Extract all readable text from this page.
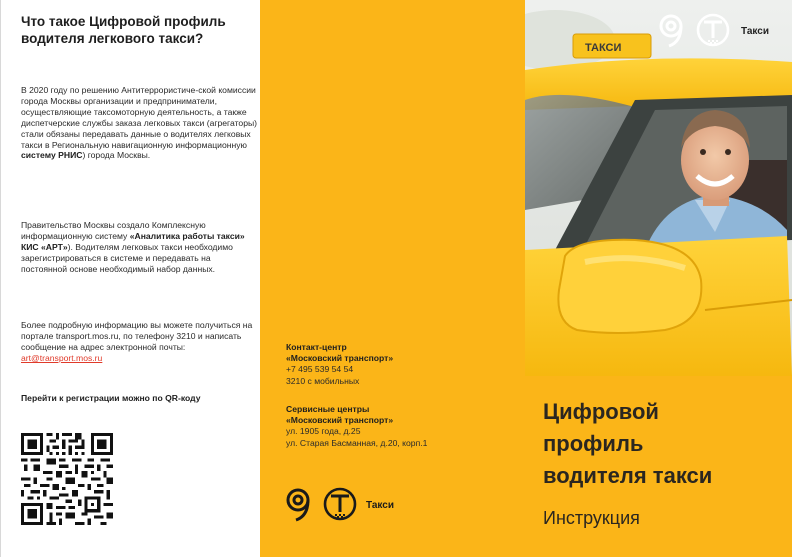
Что такое Цифровой профиль водителя легкового такси?

В 2020 году по решению Антитеррористиче-ской комиссии города Москвы организации и предприниматели, осуществляющие таксомоторную деятельность, а также диспетчерские службы заказа легковых такси (агрегаторы) стали обязаны передавать данные о водителях легковых такси в Региональную навигационную информационную систему РНИС) города Москвы.

Правительство Москвы создало Комплексную информационную систему «Аналитика работы такси» КИС «АРТ»). Водителям легковых такси необходимо зарегистрироваться в системе и передавать на постоянной основе необходимый набор данных.

Более подробную информацию вы можете получиться на портале transport.mos.ru, по телефону 3210 и написать сообщение на адрес электронной почты:
art@transport.mos.ru

Перейти к регистрации можно по QR-коду

Контакт-центр
«Московский транспорт»
+7 495 539 54 54
3210 с мобильных
Сервисные центры
«Московский транспорт»
ул. 1905 года, д.25
ул. Старая Басманная, д.20, корп.1
Такси
ТАКСИ
Такси
Цифровой
профиль
водителя такси
Инструкция
